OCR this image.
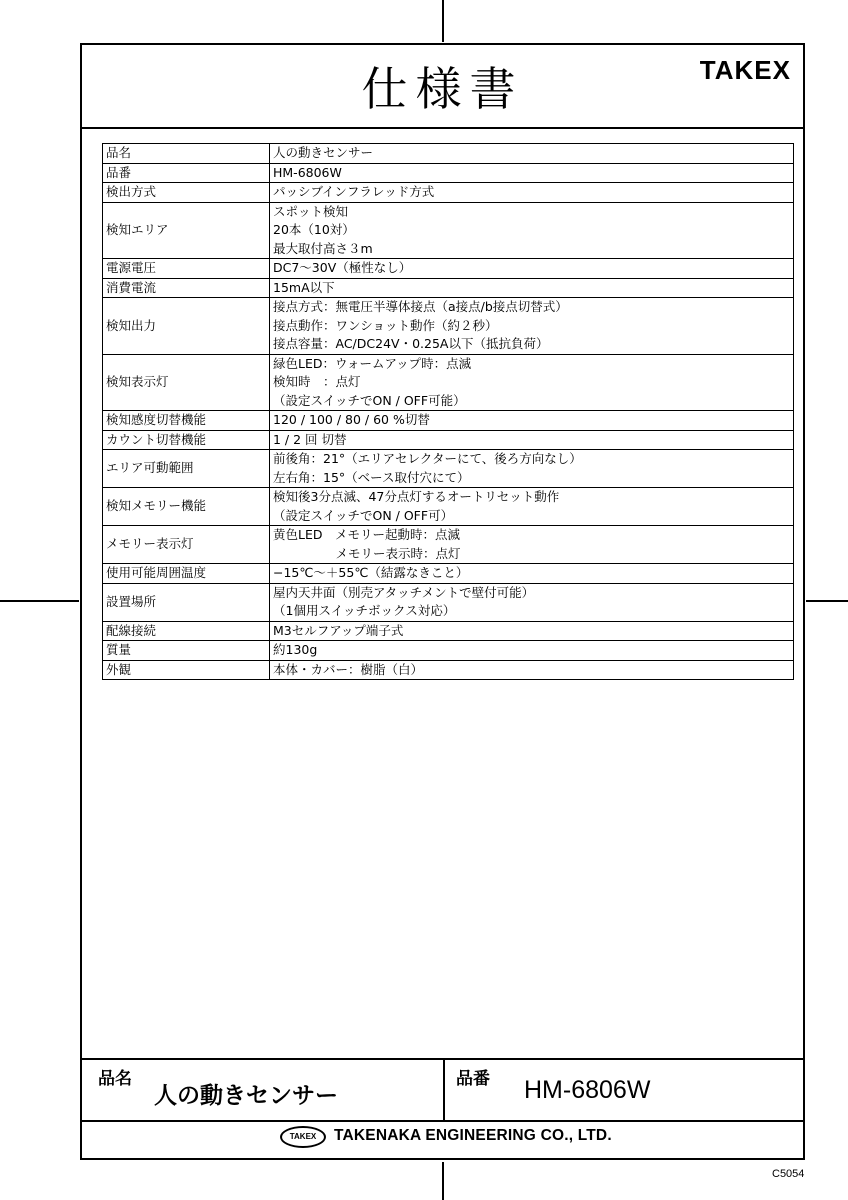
仕様書	TAKEX
品名	人の動きセンサー

品番	HM-6806W

検出方式	パッシブインフラレッド方式

検知エリア	スポット検知
20本（10対）
最大取付高さ３m

電源電圧	DC7～30V（極性なし）

消費電流	15mA以下

検知出力	接点方式：無電圧半導体接点（a接点/b接点切替式）
接点動作：ワンショット動作（約２秒）
接点容量：AC/DC24V・0.25A以下（抵抗負荷）

検知表示灯	緑色LED：ウォームアップ時：点滅
検知時　：点灯
（設定スイッチでON / OFF可能）

検知感度切替機能	120 / 100 / 80 / 60 %切替

カウント切替機能	1 / 2 回 切替

エリア可動範囲	前後角：21°（エリアセレクターにて、後ろ方向なし）
左右角：15°（ベース取付穴にて）

検知メモリー機能	検知後3分点滅、47分点灯するオートリセット動作
（設定スイッチでON / OFF可）

メモリー表示灯	黄色LED　メモリー起動時：点滅
　　　　　メモリー表示時：点灯

使用可能周囲温度	−15℃～＋55℃（結露なきこと）

設置場所	屋内天井面（別売アタッチメントで壁付可能）
（1個用スイッチボックス対応）

配線接続	M3セルフアップ端子式

質量	約130g

外観	本体・カバー：樹脂（白）
品名
人の動きセンサー
品番 HM-6806W
TAKEX	TAKENAKA ENGINEERING CO., LTD.
C5054
